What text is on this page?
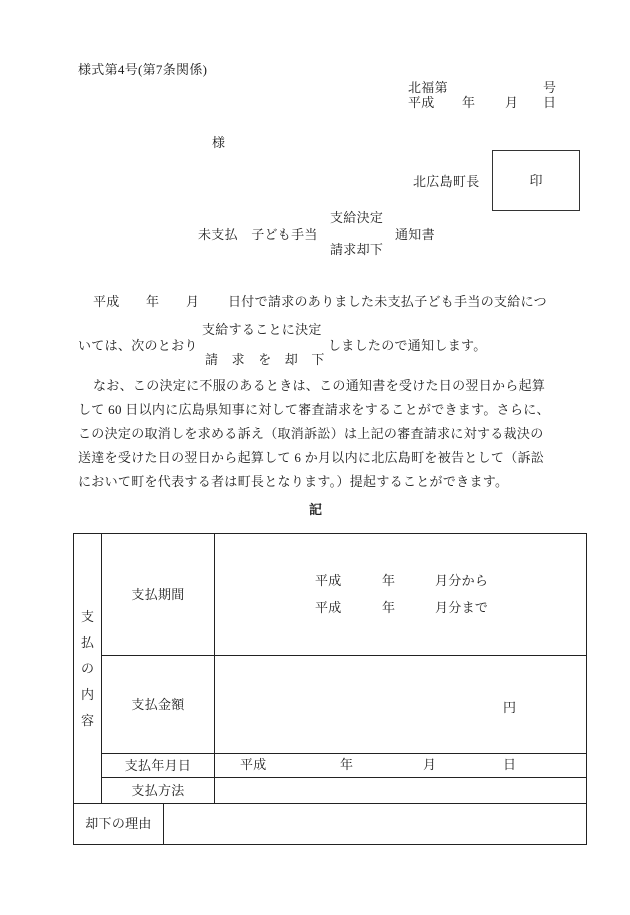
様式第4号(第7条関係)
北福第	号
平成 年 月 日
様
北広島町長	印
支給決定
未支払　子ども手当	通知書
請求却下
平成 年 月 日付で請求のありました未支払子ども手当の支給につ
支給することに決定
いては、次のとおり	しましたので通知します。
請　求　を　却　下
なお、この決定に不服のあるときは、この通知書を受けた日の翌日から起算
して 60 日以内に広島県知事に対して審査請求をすることができます。さらに、
この決定の取消しを求める訴え（取消訴訟）は上記の審査請求に対する裁決の
送達を受けた日の翌日から起算して 6 か月以内に北広島町を被告として（訴訟
において町を代表する者は町長となります。）提起することができます。
記
支払の内容
支払期間
平成	年	月分から
平成	年	月分まで
支払金額	円
支払年月日	平成	年	月	日
支払方法
却下の理由
